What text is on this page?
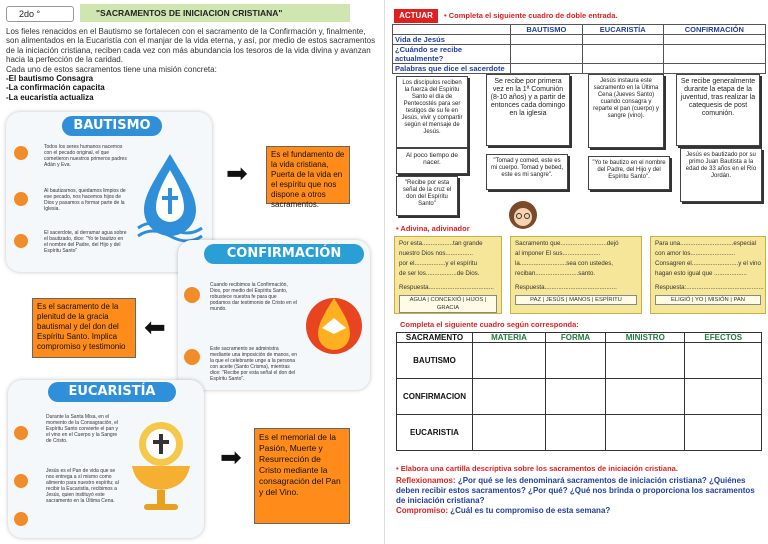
2do °	"SACRAMENTOS DE INICIACION CRISTIANA"

Los fieles renacidos en el Bautismo se fortalecen con el sacramento de la Confirmación y, finalmente, son alimentados en la Eucaristía con el manjar de la vida eterna, y así, por medio de estos sacramentos de la iniciación cristiana, reciben cada vez con más abundancia los tesoros de la vida divina y avanzan hacia la perfección de la caridad.

Cada uno de estos sacramentos tiene una misión concreta:

-El bautismo Consagra
-La confirmación capacita
-La eucaristía actualiza
BAUTISMO
Todos los seres humanos nacemos con el pecado original, el que cometieron nuestros primeros padres Adán y Eva.
Al bautizarnos, quedamos limpios de ese pecado, nos hacemos hijos de Dios y pasamos a formar parte de la Iglesia.
El sacerdote, al derramar agua sobre el bautizado, dice: "Yo te bautizo en el nombre del Padre, del Hijo y del Espíritu Santo"
Es el fundamento de la vida cristiana, Puerta de la vida en el espíritu que nos dispone a otros sacramentos.
➡
CONFIRMACIÓN
Cuando recibimos la Confirmación, Dios, por medio del Espíritu Santo, robustece nuestra fe para que podamos dar testimonio de Cristo en el mundo.
Este sacramento se administra mediante una imposición de manos, en la que el celebrante unge a la persona con aceite (Santo Crisma), mientras dice: "Recibe por esta señal el don del Espíritu Santo".
Es el sacramento de la plenitud de la gracia bautismal y del don del Espíritu Santo. Implica compromiso y testimonio
⬅
EUCARISTÍA
Durante la Santa Misa, en el momento de la Consagración, el Espíritu Santo convierte el pan y el vino en el Cuerpo y la Sangre de Cristo.
Jesús es el Pan de vida que se nos entrega a sí mismo como alimento para nuestro espíritu; al recibir la Eucaristía, recibimos a Jesús, quien instituyó este sacramento en la Última Cena.
Es el memorial de la Pasión, Muerte y Resurrección de Cristo mediante la consagración del Pan y del Vino.
➡
ACTUAR	• Completa el siguiente cuadro de doble entrada.
	BAUTISMO	EUCARISTÍA	CONFIRMACIÓN
Vida de Jesús			
¿Cuándo se recibe actualmente?			
Palabras que dice el sacerdote			
Los discípulos reciben la fuerza del Espíritu Santo el día de Pentecostés para ser testigos de su fe en Jesús, vivir y compartir según el mensaje de Jesús.
Se recibe por primera vez en la 1ª Comunión (8-10 años) y a partir de entonces cada domingo en la iglesia
Jesús instaura este sacramento en la Última Cena (Jueves Santo) cuando consagra y reparte el pan (cuerpo) y sangre (vino).
Se recibe generalmente durante la etapa de la juventud, tras realizar la catequesis de post comunión.
Al poco tiempo de nacer.	"Tomad y comed, este es mi cuerpo. Tomad y bebed, este es mi sangre".
"Yo te bautizo en el nombre del Padre, del Hijo y del Espíritu Santo".
Jesús es bautizado por su primo Juan Bautista a la edad de 33 años en el Río Jordán.
"Recibe por esta señal de la cruz el don del Espíritu Santo"
• Adivina, adivinador
Por esta..................tan grande
nuestro Dios nos................
por el..................y el espíritu
de ser los..................de Dios.
Respuesta......................................
AGUA | CONCEXIÓ | HIJOS | GRACIA
Sacramento que...........................dejó
al imponer El sus......................
la...........................sea con ustedes,
reciban.........................santo.
Respuesta..........................................
PAZ | JESÚS | MANOS | ESPÍRITU
Para una...............................especial
con amor los..........................
Consagren el...........................y el vino
hagan esto igual que ...................
Respuesta:.............................................
ELIGIÓ | YO | MISIÓN | PAN
Completa el siguiente cuadro según corresponda:
SACRAMENTO	MATERIA	FORMA	MINISTRO	EFECTOS
BAUTISMO				
CONFIRMACION				
EUCARISTIA				
• Elabora una cartilla descriptiva sobre los sacramentos de iniciación cristiana.
Reflexionamos: ¿Por qué se les denominará sacramentos de iniciación cristiana? ¿Quiénes deben recibir estos sacramentos? ¿Por qué? ¿Qué nos brinda o proporciona los sacramentos de iniciación cristiana?
Compromiso: ¿Cuál es tu compromiso de esta semana?
